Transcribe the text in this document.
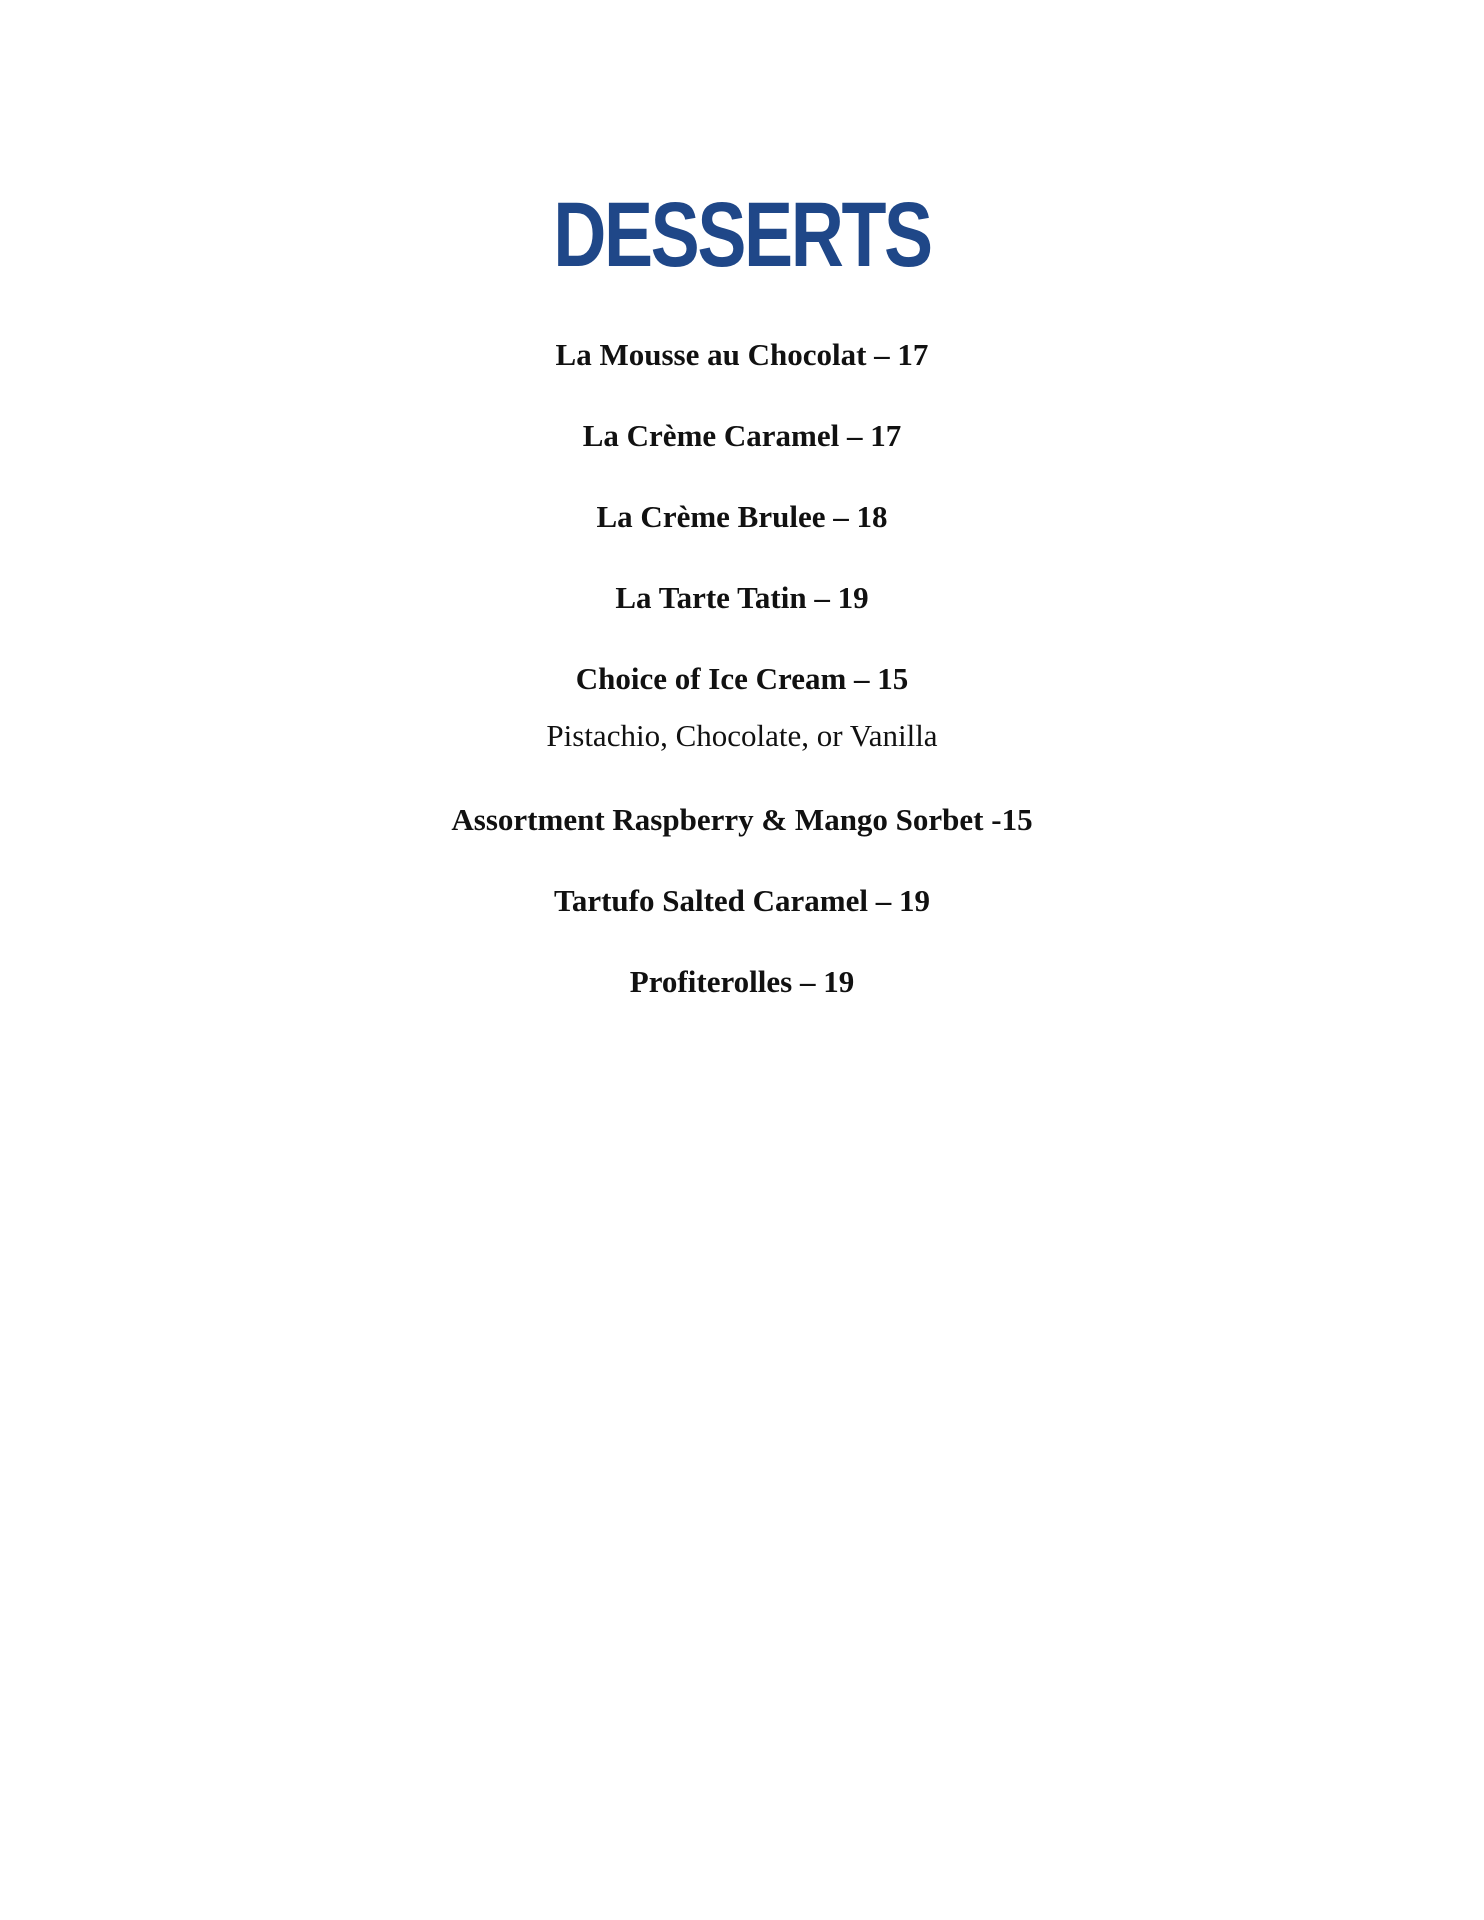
DESSERTS
La Mousse au Chocolat – 17
La Crème Caramel – 17
La Crème Brulee – 18
La Tarte Tatin – 19
Choice of Ice Cream – 15
Pistachio, Chocolate, or Vanilla
Assortment Raspberry & Mango Sorbet -15
Tartufo Salted Caramel – 19
Profiterolles – 19
